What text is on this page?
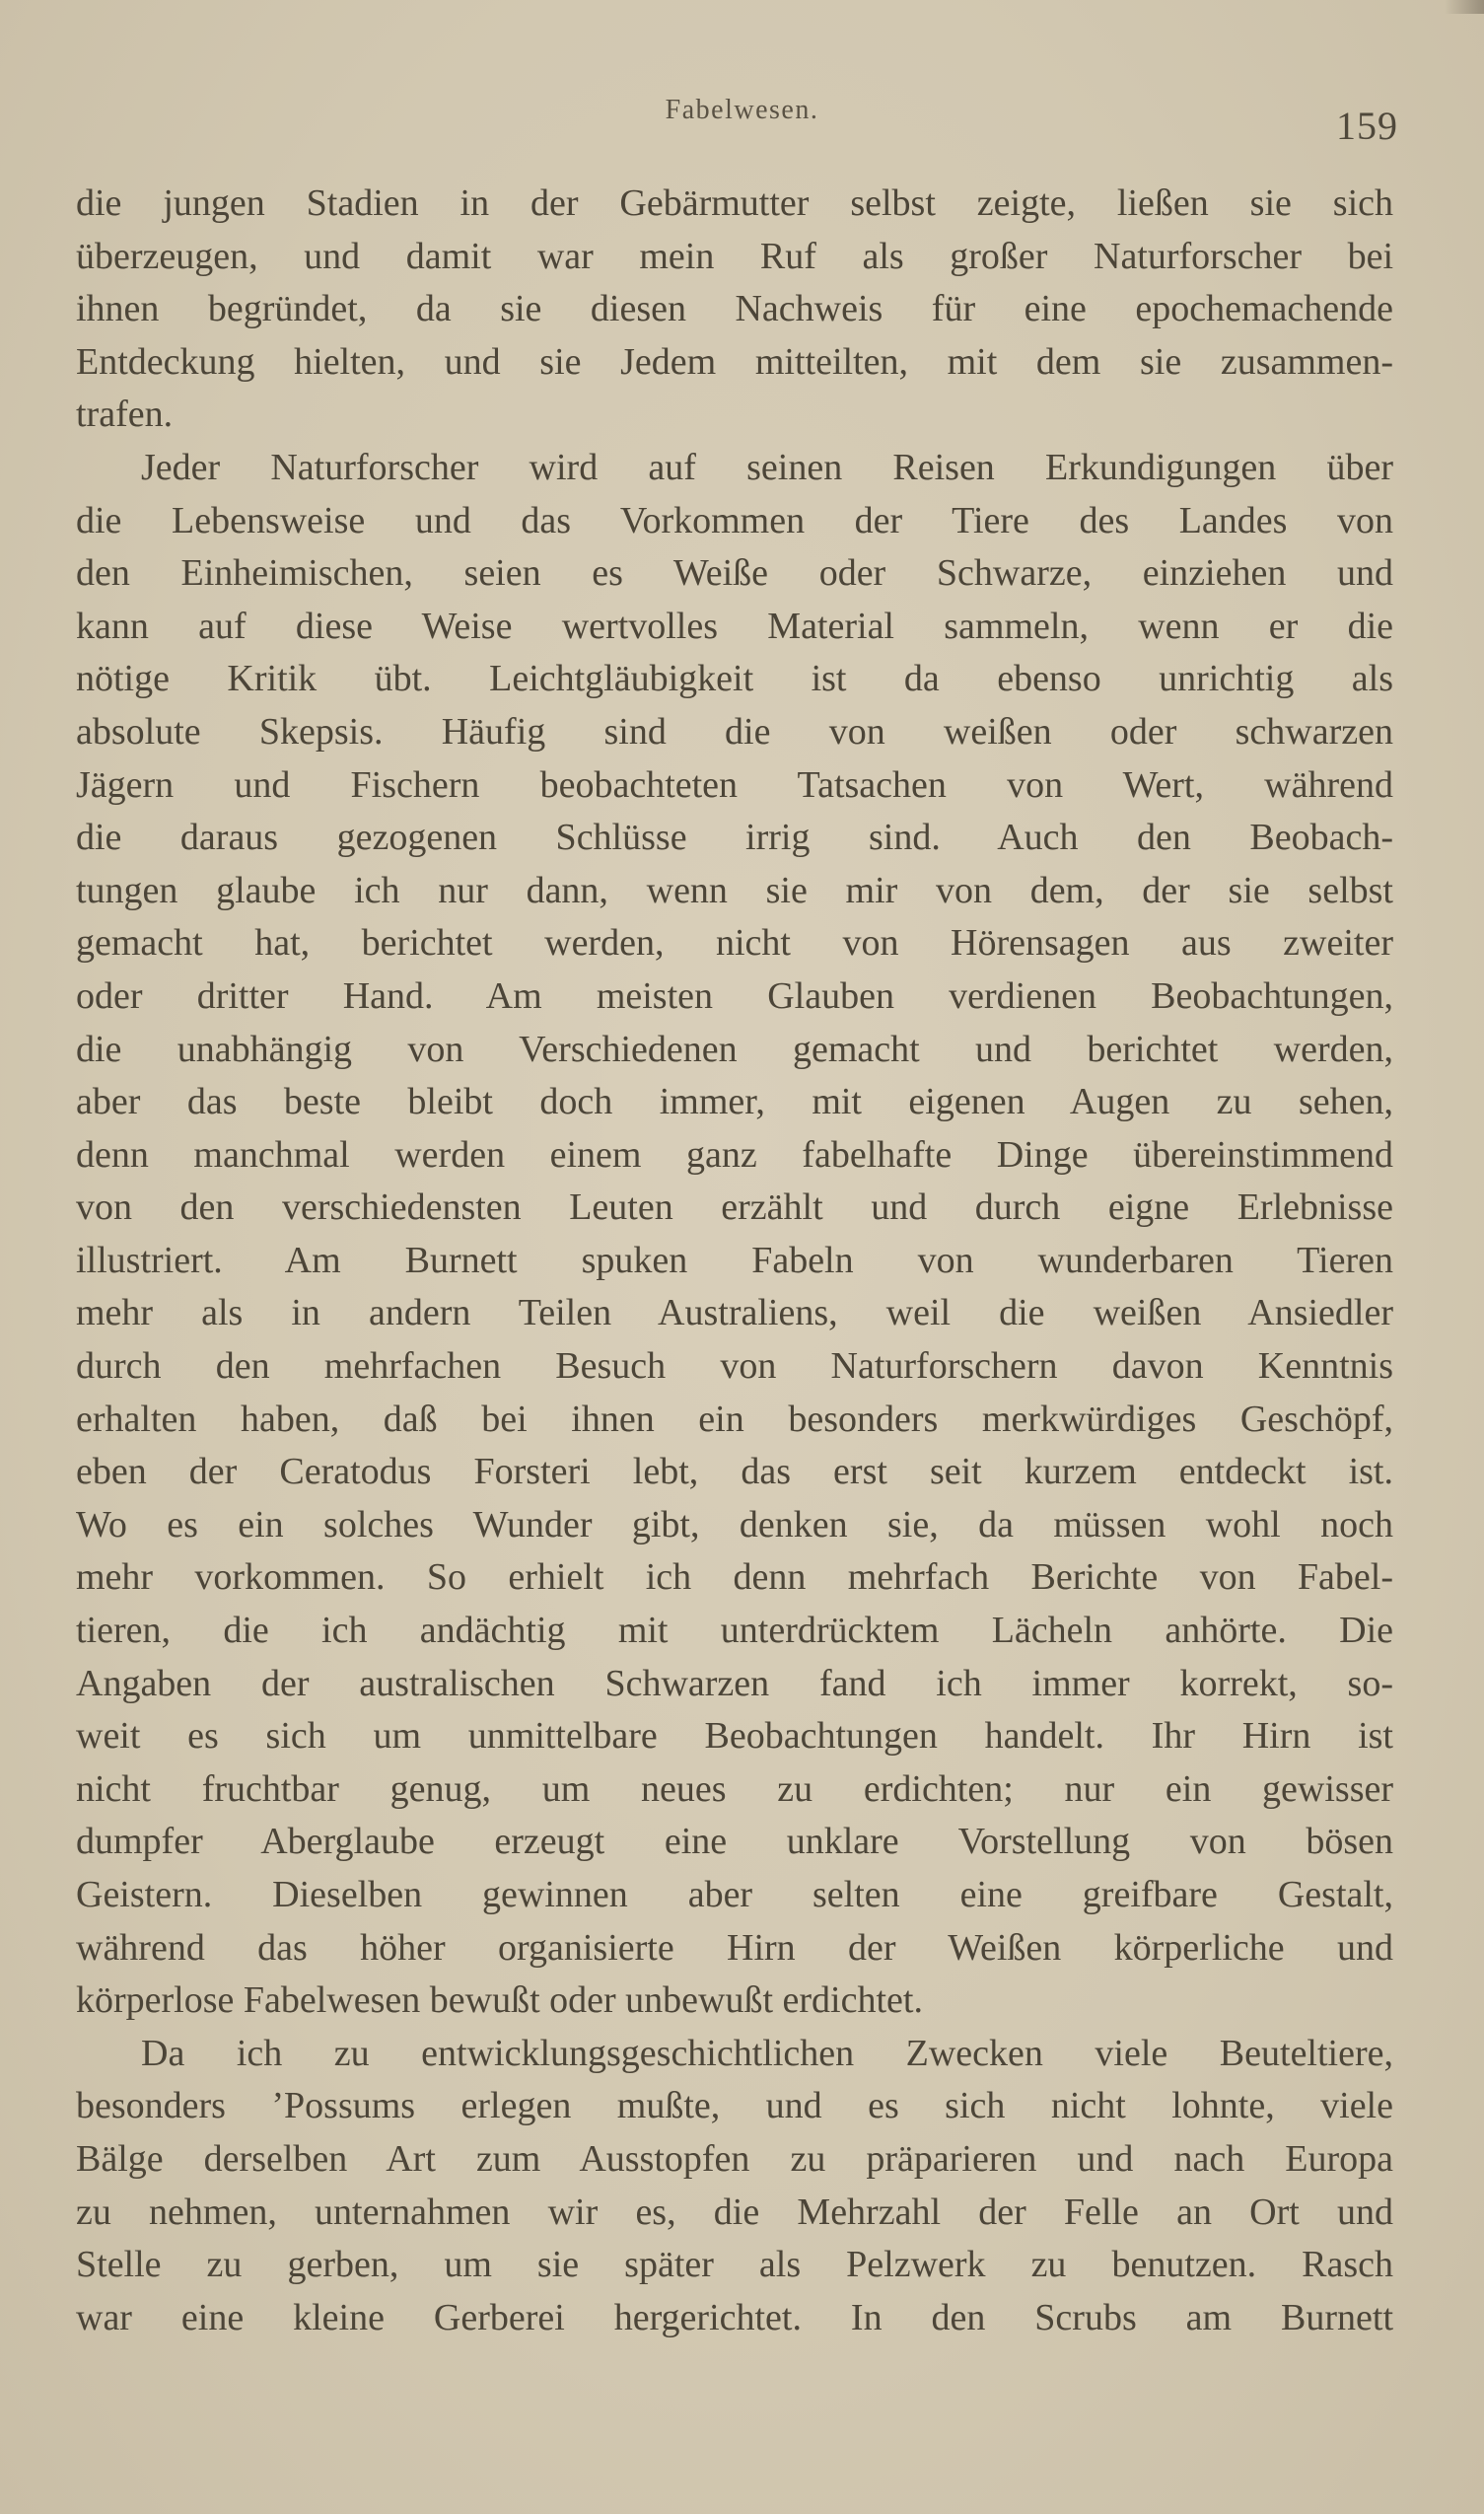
Fabelwesen.	159
die jungen Stadien in der Gebärmutter selbst zeigte, ließen sie sich
überzeugen, und damit war mein Ruf als großer Naturforscher bei
ihnen begründet, da sie diesen Nachweis für eine epochemachende
Entdeckung hielten, und sie Jedem mitteilten, mit dem sie zusammen-
trafen.
Jeder Naturforscher wird auf seinen Reisen Erkundigungen über
die Lebensweise und das Vorkommen der Tiere des Landes von
den Einheimischen, seien es Weiße oder Schwarze, einziehen und
kann auf diese Weise wertvolles Material sammeln, wenn er die
nötige Kritik übt. Leichtgläubigkeit ist da ebenso unrichtig als
absolute Skepsis. Häufig sind die von weißen oder schwarzen
Jägern und Fischern beobachteten Tatsachen von Wert, während
die daraus gezogenen Schlüsse irrig sind. Auch den Beobach-
tungen glaube ich nur dann, wenn sie mir von dem, der sie selbst
gemacht hat, berichtet werden, nicht von Hörensagen aus zweiter
oder dritter Hand. Am meisten Glauben verdienen Beobachtungen,
die unabhängig von Verschiedenen gemacht und berichtet werden,
aber das beste bleibt doch immer, mit eigenen Augen zu sehen,
denn manchmal werden einem ganz fabelhafte Dinge übereinstimmend
von den verschiedensten Leuten erzählt und durch eigne Erlebnisse
illustriert. Am Burnett spuken Fabeln von wunderbaren Tieren
mehr als in andern Teilen Australiens, weil die weißen Ansiedler
durch den mehrfachen Besuch von Naturforschern davon Kenntnis
erhalten haben, daß bei ihnen ein besonders merkwürdiges Geschöpf,
eben der Ceratodus Forsteri lebt, das erst seit kurzem entdeckt ist.
Wo es ein solches Wunder gibt, denken sie, da müssen wohl noch
mehr vorkommen. So erhielt ich denn mehrfach Berichte von Fabel-
tieren, die ich andächtig mit unterdrücktem Lächeln anhörte. Die
Angaben der australischen Schwarzen fand ich immer korrekt, so-
weit es sich um unmittelbare Beobachtungen handelt. Ihr Hirn ist
nicht fruchtbar genug, um neues zu erdichten; nur ein gewisser
dumpfer Aberglaube erzeugt eine unklare Vorstellung von bösen
Geistern. Dieselben gewinnen aber selten eine greifbare Gestalt,
während das höher organisierte Hirn der Weißen körperliche und
körperlose Fabelwesen bewußt oder unbewußt erdichtet.
Da ich zu entwicklungsgeschichtlichen Zwecken viele Beuteltiere,
besonders ’Possums erlegen mußte, und es sich nicht lohnte, viele
Bälge derselben Art zum Ausstopfen zu präparieren und nach Europa
zu nehmen, unternahmen wir es, die Mehrzahl der Felle an Ort und
Stelle zu gerben, um sie später als Pelzwerk zu benutzen. Rasch
war eine kleine Gerberei hergerichtet. In den Scrubs am Burnett
